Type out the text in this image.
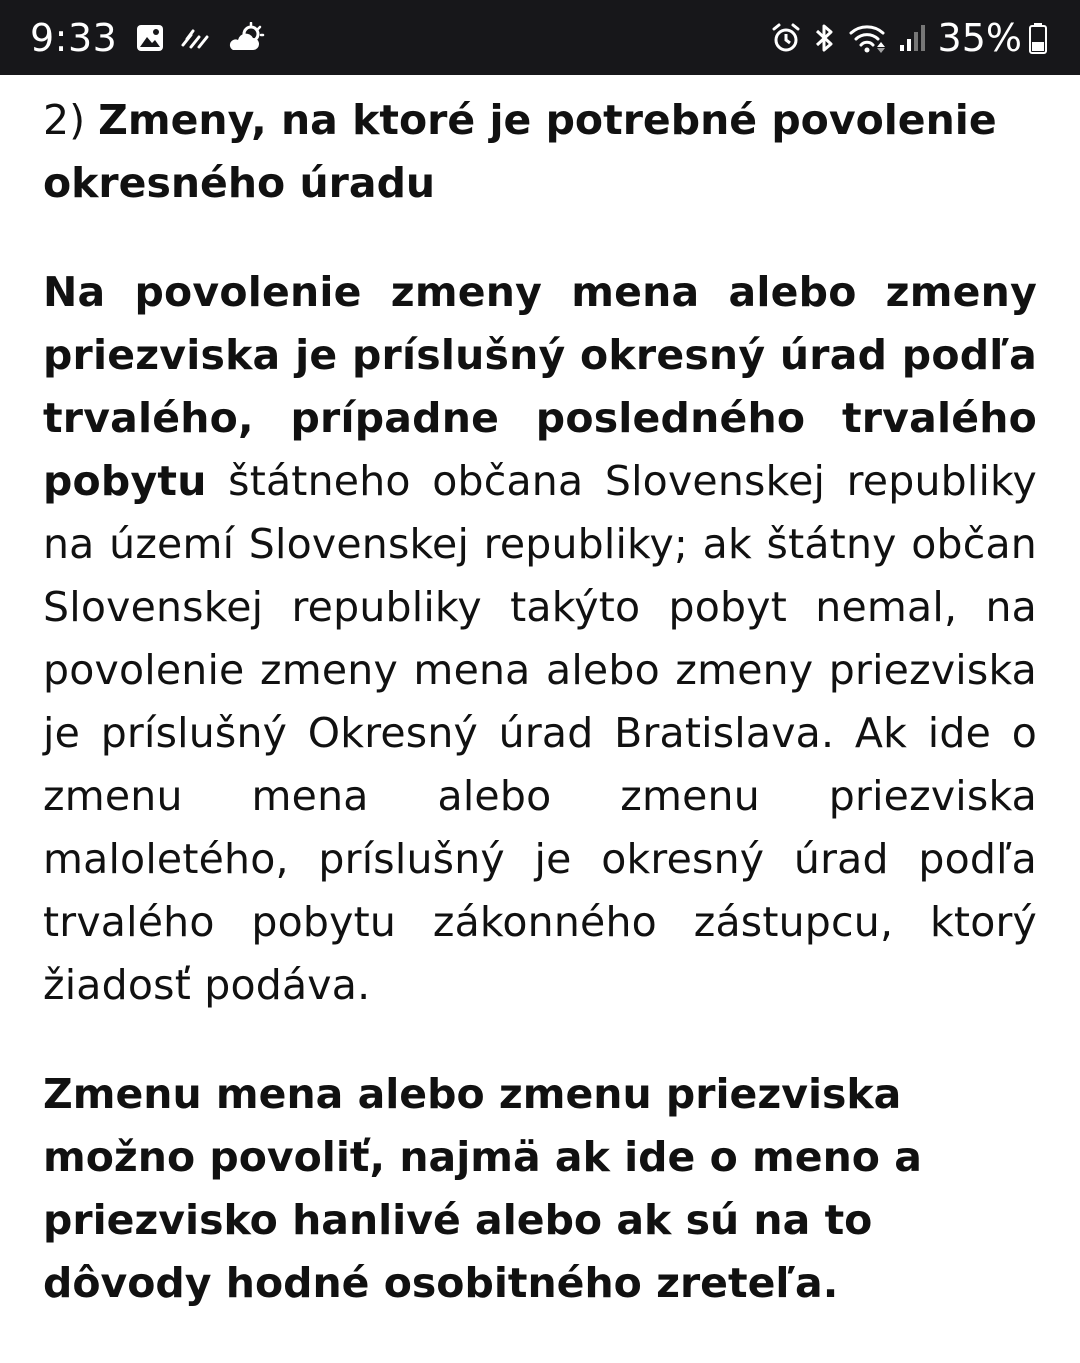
9:33	35%

2) Zmeny, na ktoré je potrebné povolenie okresného úradu

Na povolenie zmeny mena alebo zmeny priezviska je príslušný okresný úrad podľa trvalého, prípadne posledného trvalého pobytu štátneho občana Slovenskej republiky na území Slovenskej republiky; ak štátny občan Slovenskej republiky takýto pobyt nemal, na povolenie zmeny mena alebo zmeny priezviska je príslušný Okresný úrad Bratislava. Ak ide o zmenu mena alebo zmenu priezviska maloletého, príslušný je okresný úrad podľa trvalého pobytu zákonného zástupcu, ktorý žiadosť podáva.

Zmenu mena alebo zmenu priezviska možno povoliť, najmä ak ide o meno a priezvisko hanlivé alebo ak sú na to dôvody hodné osobitného zreteľa.
